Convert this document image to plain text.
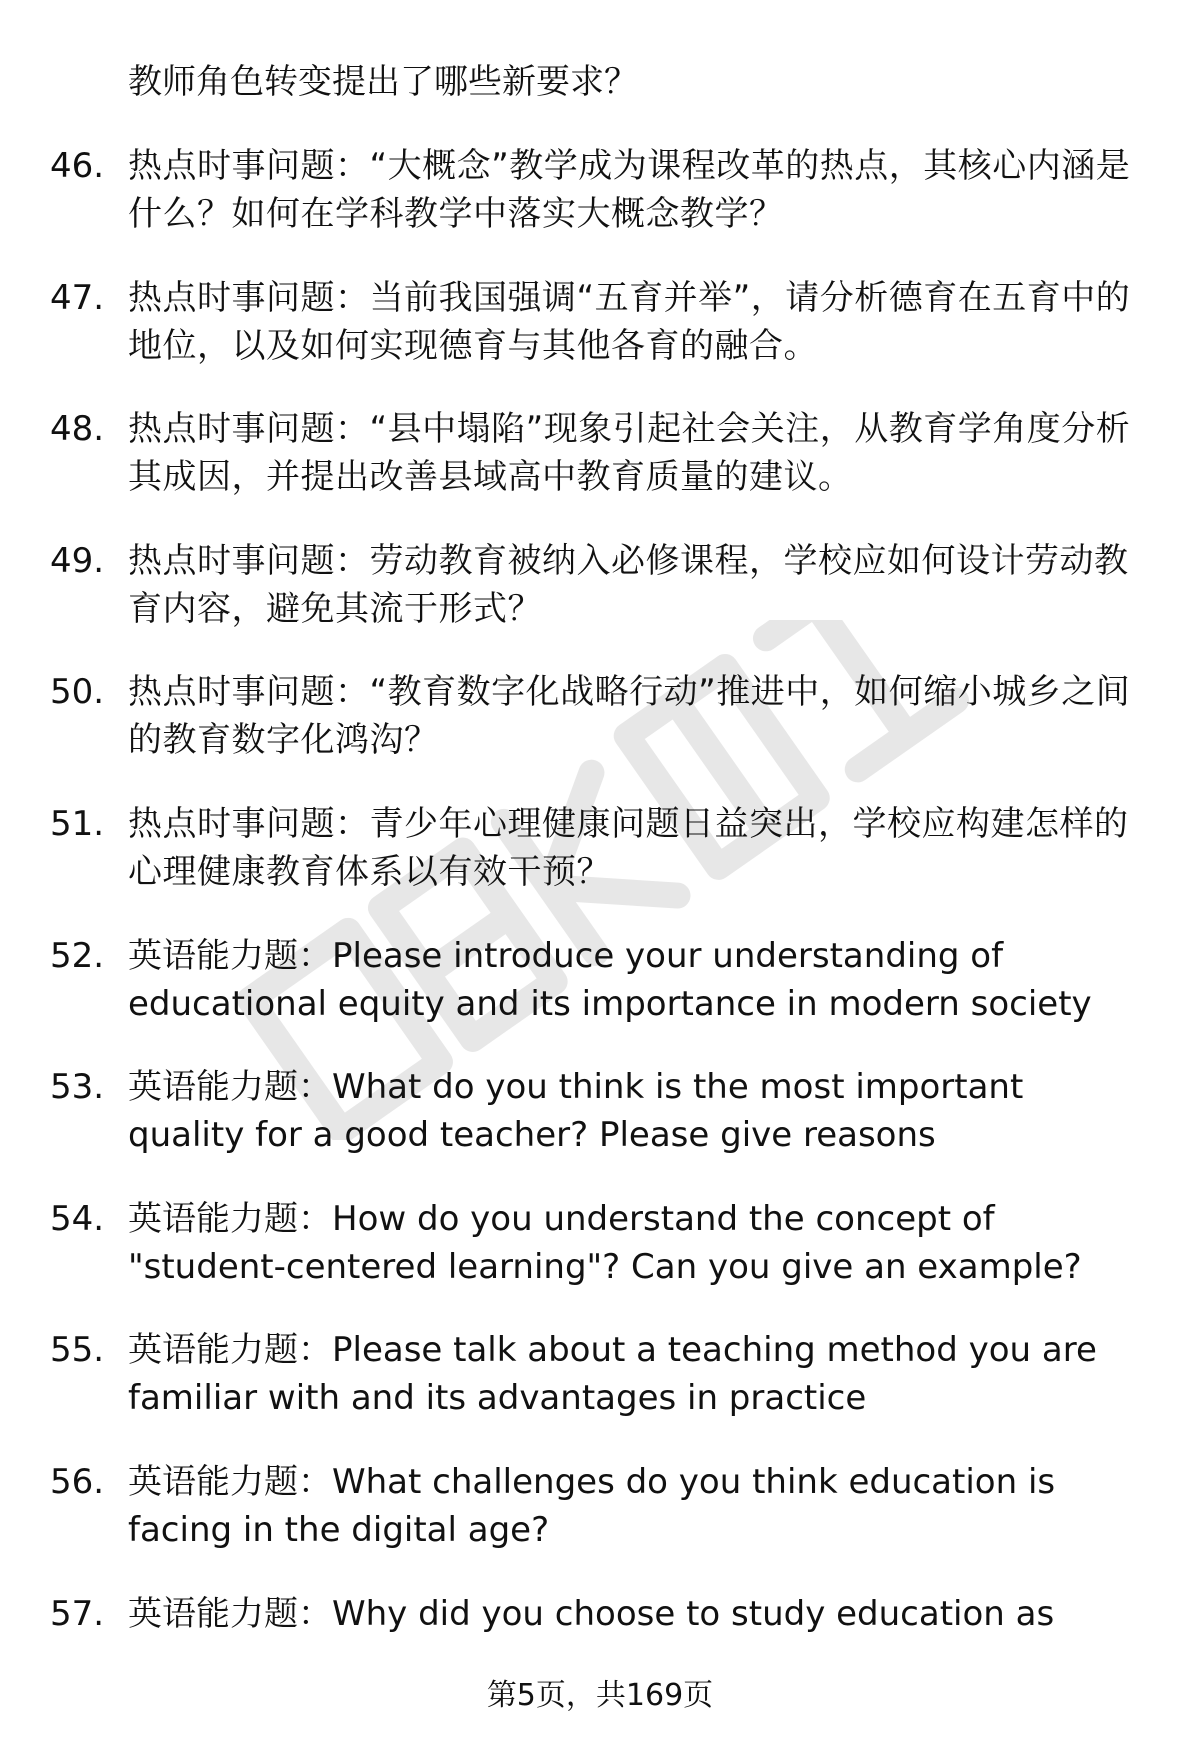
教师角色转变提出了哪些新要求？

46. 热点时事问题：“大概念”教学成为课程改革的热点，其核心内涵是什么？如何在学科教学中落实大概念教学？
47. 热点时事问题：当前我国强调“五育并举”，请分析德育在五育中的地位，以及如何实现德育与其他各育的融合。
48. 热点时事问题：“县中塌陷”现象引起社会关注，从教育学角度分析其成因，并提出改善县域高中教育质量的建议。
49. 热点时事问题：劳动教育被纳入必修课程，学校应如何设计劳动教育内容，避免其流于形式？
50. 热点时事问题：“教育数字化战略行动”推进中，如何缩小城乡之间的教育数字化鸿沟？
51. 热点时事问题：青少年心理健康问题日益突出，学校应构建怎样的心理健康教育体系以有效干预？
52. 英语能力题：Please introduce your understanding of educational equity and its importance in modern society
53. 英语能力题：What do you think is the most important quality for a good teacher? Please give reasons
54. 英语能力题：How do you understand the concept of "student-centered learning"? Can you give an example?
55. 英语能力题：Please talk about a teaching method you are familiar with and its advantages in practice
56. 英语能力题：What challenges do you think education is facing in the digital age?
57. 英语能力题：Why did you choose to study education as
第5页，共169页
